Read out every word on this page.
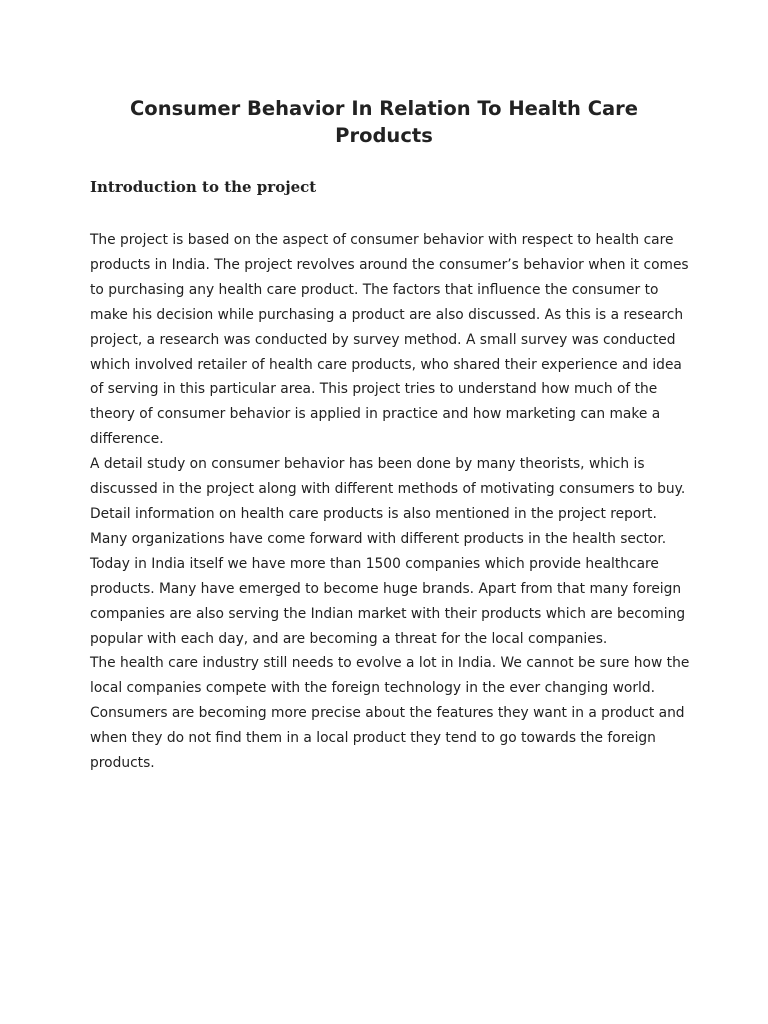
Consumer Behavior In Relation To Health Care Products
Introduction to the project

The project is based on the aspect of consumer behavior with respect to health care products in India. The project revolves around the consumer’s behavior when it comes to purchasing any health care product. The factors that influence the consumer to make his decision while purchasing a product are also discussed. As this is a research project, a research was conducted by survey method. A small survey was conducted which involved retailer of health care products, who shared their experience and idea of serving in this particular area. This project tries to understand how much of the theory of consumer behavior is applied in practice and how marketing can make a difference.

A detail study on consumer behavior has been done by many theorists, which is discussed in the project along with different methods of motivating consumers to buy. Detail information on health care products is also mentioned in the project report. Many organizations have come forward with different products in the health sector. Today in India itself we have more than 1500 companies which provide healthcare products. Many have emerged to become huge brands. Apart from that many foreign companies are also serving the Indian market with their products which are becoming popular with each day, and are becoming a threat for the local companies.

The health care industry still needs to evolve a lot in India. We cannot be sure how the local companies compete with the foreign technology in the ever changing world. Consumers are becoming more precise about the features they want in a product and when they do not find them in a local product they tend to go towards the foreign products.
